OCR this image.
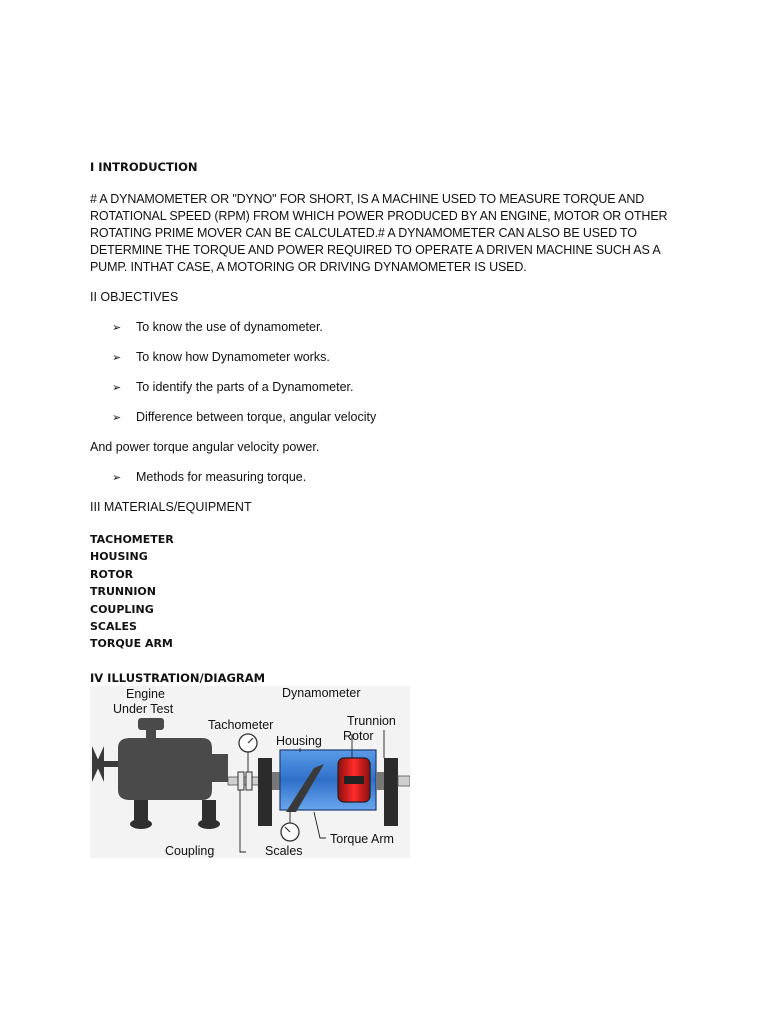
I INTRODUCTION
# A DYNAMOMETER OR "DYNO" FOR SHORT, IS A MACHINE USED TO MEASURE TORQUE AND
ROTATIONAL SPEED (RPM) FROM WHICH POWER PRODUCED BY AN ENGINE, MOTOR OR OTHER
ROTATING PRIME MOVER CAN BE CALCULATED.# A DYNAMOMETER CAN ALSO BE USED TO
DETERMINE THE TORQUE AND POWER REQUIRED TO OPERATE A DRIVEN MACHINE SUCH AS A
PUMP. INTHAT CASE, A MOTORING OR DRIVING DYNAMOMETER IS USED.
II OBJECTIVES
➢	To know the use of dynamometer.
➢	To know how Dynamometer works.
➢	To identify the parts of a Dynamometer.
➢	Difference between torque, angular velocity
And power torque angular velocity power.
➢	Methods for measuring torque.
III MATERIALS/EQUIPMENT
TACHOMETER
HOUSING
ROTOR
TRUNNION
COUPLING
SCALES
TORQUE ARM
IV ILLUSTRATION/DIAGRAM
Engine
Under Test
Dynamometer
Tachometer	Trunnion
Housing Rotor
Torque Arm
Coupling	Scales
